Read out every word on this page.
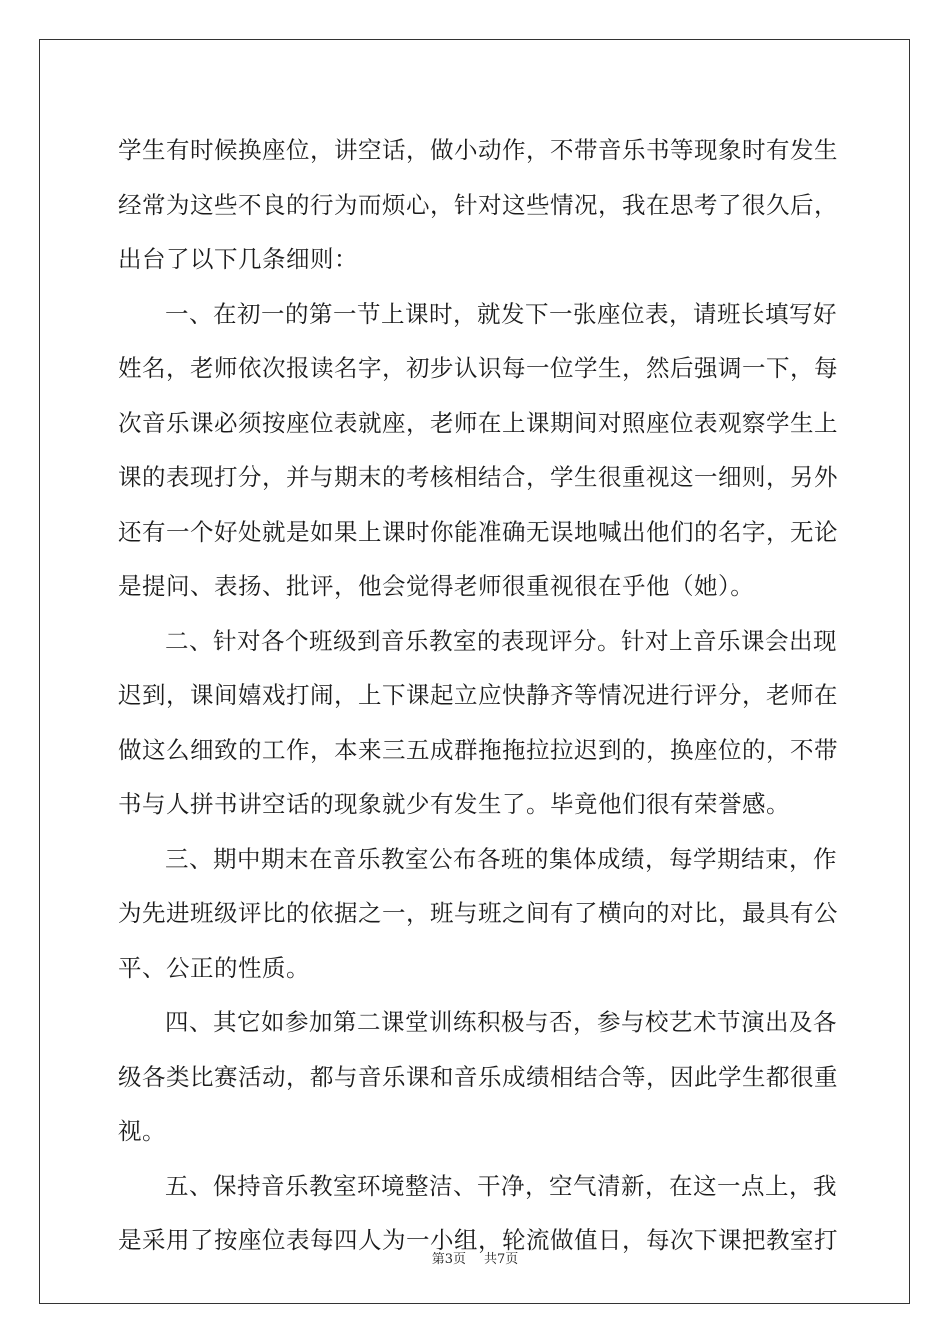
学生有时候换座位，讲空话，做小动作，不带音乐书等现象时有发生
经常为这些不良的行为而烦心，针对这些情况，我在思考了很久后，
出台了以下几条细则：
一、在初一的第一节上课时，就发下一张座位表，请班长填写好
姓名，老师依次报读名字，初步认识每一位学生，然后强调一下，每
次音乐课必须按座位表就座，老师在上课期间对照座位表观察学生上
课的表现打分，并与期末的考核相结合，学生很重视这一细则，另外
还有一个好处就是如果上课时你能准确无误地喊出他们的名字，无论
是提问、表扬、批评，他会觉得老师很重视很在乎他（她）。
二、针对各个班级到音乐教室的表现评分。针对上音乐课会出现
迟到，课间嬉戏打闹，上下课起立应快静齐等情况进行评分，老师在
做这么细致的工作，本来三五成群拖拖拉拉迟到的，换座位的，不带
书与人拼书讲空话的现象就少有发生了。毕竟他们很有荣誉感。
三、期中期末在音乐教室公布各班的集体成绩，每学期结束，作
为先进班级评比的依据之一，班与班之间有了横向的对比，最具有公
平、公正的性质。
四、其它如参加第二课堂训练积极与否，参与校艺术节演出及各
级各类比赛活动，都与音乐课和音乐成绩相结合等，因此学生都很重
视。
五、保持音乐教室环境整洁、干净，空气清新，在这一点上，我
是采用了按座位表每四人为一小组，轮流做值日，每次下课把教室打
第3页 共7页
